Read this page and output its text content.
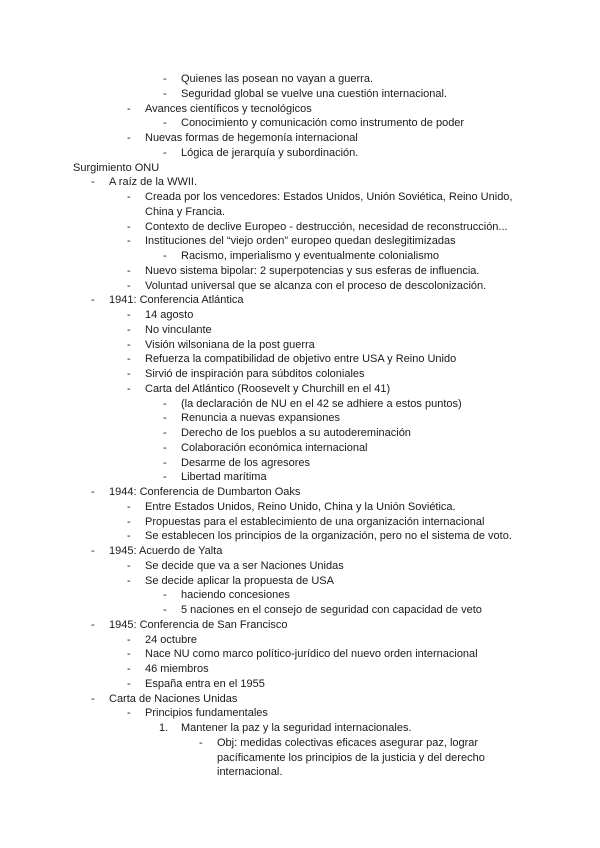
- Quienes las posean no vayan a guerra.
- Seguridad global se vuelve una cuestión internacional.
- Avances científicos y tecnológicos
- Conocimiento y comunicación como instrumento de poder
- Nuevas formas de hegemonía internacional
- Lógica de jerarquía y subordinación.
Surgimiento ONU
- A raíz de la WWII.
- Creada por los vencedores: Estados Unidos, Unión Soviética, Reino Unido,
China y Francia.
- Contexto de declive Europeo - destrucción, necesidad de reconstrucción...
- Instituciones del “viejo orden” europeo quedan deslegitimizadas
- Racismo, imperialismo y eventualmente colonialismo
- Nuevo sistema bipolar: 2 superpotencias y sus esferas de influencia.
- Voluntad universal que se alcanza con el proceso de descolonización.
- 1941: Conferencia Atlántica
- 14 agosto
- No vinculante
- Visión wilsoniana de la post guerra
- Refuerza la compatibilidad de objetivo entre USA y Reino Unido
- Sirvió de inspiración para súbditos coloniales
- Carta del Atlántico (Roosevelt y Churchill en el 41)
- (la declaración de NU en el 42 se adhiere a estos puntos)
- Renuncia a nuevas expansiones
- Derecho de los pueblos a su autodereminación
- Colaboración económica internacional
- Desarme de los agresores
- Libertad marítima
- 1944: Conferencia de Dumbarton Oaks
- Entre Estados Unidos, Reino Unido, China y la Unión Soviética.
- Propuestas para el establecimiento de una organización internacional
- Se establecen los principios de la organización, pero no el sistema de voto.
- 1945: Acuerdo de Yalta
- Se decide que va a ser Naciones Unidas
- Se decide aplicar la propuesta de USA
- haciendo concesiones
- 5 naciones en el consejo de seguridad con capacidad de veto
- 1945: Conferencia de San Francisco
- 24 octubre
- Nace NU como marco político-jurídico del nuevo orden internacional
- 46 miembros
- España entra en el 1955
- Carta de Naciones Unidas
- Principios fundamentales
1. Mantener la paz y la seguridad internacionales.
- Obj: medidas colectivas eficaces asegurar paz, lograr
pacíficamente los principios de la justicia y del derecho
internacional.
